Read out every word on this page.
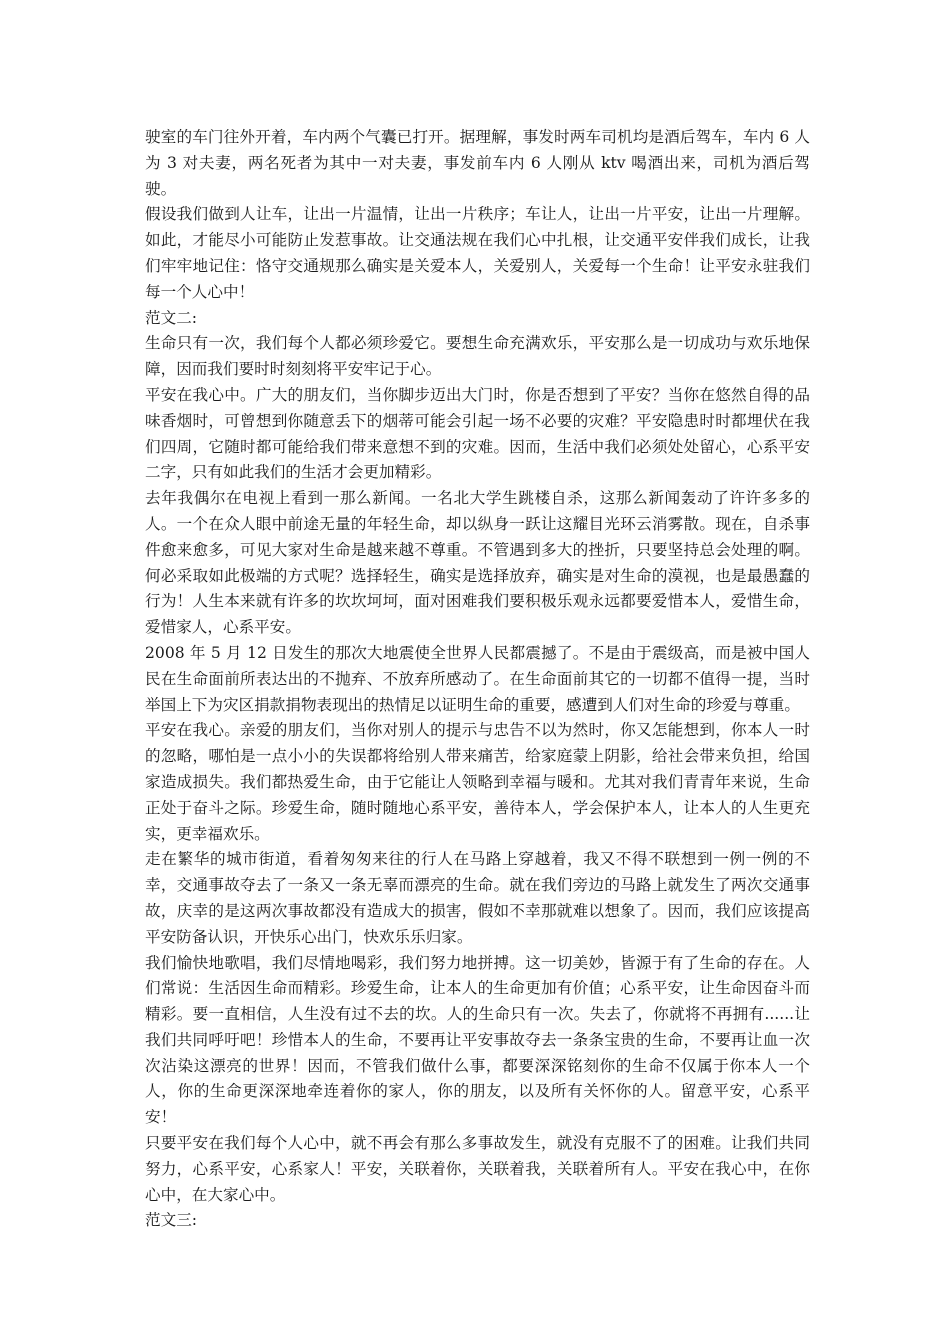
驶室的车门往外开着，车内两个气囊已打开。据理解，事发时两车司机均是酒后驾车，车内 6 人为 3 对夫妻，两名死者为其中一对夫妻，事发前车内 6 人刚从 ktv 喝酒出来，司机为酒后驾驶。

假设我们做到人让车，让出一片温情，让出一片秩序；车让人，让出一片平安，让出一片理解。如此，才能尽小可能防止发惹事故。让交通法规在我们心中扎根，让交通平安伴我们成长，让我们牢牢地记住：恪守交通规那么确实是关爱本人，关爱别人，关爱每一个生命！让平安永驻我们每一个人心中！

范文二:

生命只有一次，我们每个人都必须珍爱它。要想生命充满欢乐，平安那么是一切成功与欢乐地保障，因而我们要时时刻刻将平安牢记于心。

平安在我心中。广大的朋友们，当你脚步迈出大门时，你是否想到了平安？当你在悠然自得的品味香烟时，可曾想到你随意丢下的烟蒂可能会引起一场不必要的灾难？平安隐患时时都埋伏在我们四周，它随时都可能给我们带来意想不到的灾难。因而，生活中我们必须处处留心，心系平安二字，只有如此我们的生活才会更加精彩。

去年我偶尔在电视上看到一那么新闻。一名北大学生跳楼自杀，这那么新闻轰动了许许多多的人。一个在众人眼中前途无量的年轻生命，却以纵身一跃让这耀目光环云消雾散。现在，自杀事件愈来愈多，可见大家对生命是越来越不尊重。不管遇到多大的挫折，只要坚持总会处理的啊。何必采取如此极端的方式呢？选择轻生，确实是选择放弃，确实是对生命的漠视，也是最愚蠢的行为！人生本来就有许多的坎坎坷坷，面对困难我们要积极乐观永远都要爱惜本人，爱惜生命，爱惜家人，心系平安。

2008 年 5 月 12 日发生的那次大地震使全世界人民都震撼了。不是由于震级高，而是被中国人民在生命面前所表达出的不抛弃、不放弃所感动了。在生命面前其它的一切都不值得一提，当时举国上下为灾区捐款捐物表现出的热情足以证明生命的重要，感遭到人们对生命的珍爱与尊重。

平安在我心。亲爱的朋友们，当你对别人的提示与忠告不以为然时，你又怎能想到，你本人一时的忽略，哪怕是一点小小的失误都将给别人带来痛苦，给家庭蒙上阴影，给社会带来负担，给国家造成损失。我们都热爱生命，由于它能让人领略到幸福与暖和。尤其对我们青青年来说，生命正处于奋斗之际。珍爱生命，随时随地心系平安，善待本人，学会保护本人，让本人的人生更充实，更幸福欢乐。

走在繁华的城市街道，看着匆匆来往的行人在马路上穿越着，我又不得不联想到一例一例的不幸，交通事故夺去了一条又一条无辜而漂亮的生命。就在我们旁边的马路上就发生了两次交通事故，庆幸的是这两次事故都没有造成大的损害，假如不幸那就难以想象了。因而，我们应该提高平安防备认识，开快乐心出门，快欢乐乐归家。

我们愉快地歌唱，我们尽情地喝彩，我们努力地拼搏。这一切美妙，皆源于有了生命的存在。人们常说：生活因生命而精彩。珍爱生命，让本人的生命更加有价值；心系平安，让生命因奋斗而精彩。要一直相信，人生没有过不去的坎。人的生命只有一次。失去了，你就将不再拥有......让我们共同呼吁吧！珍惜本人的生命，不要再让平安事故夺去一条条宝贵的生命，不要再让血一次次沾染这漂亮的世界！因而，不管我们做什么事，都要深深铭刻你的生命不仅属于你本人一个人，你的生命更深深地牵连着你的家人，你的朋友，以及所有关怀你的人。留意平安，心系平安！

只要平安在我们每个人心中，就不再会有那么多事故发生，就没有克服不了的困难。让我们共同努力，心系平安，心系家人！平安，关联着你，关联着我，关联着所有人。平安在我心中，在你心中，在大家心中。

范文三:
